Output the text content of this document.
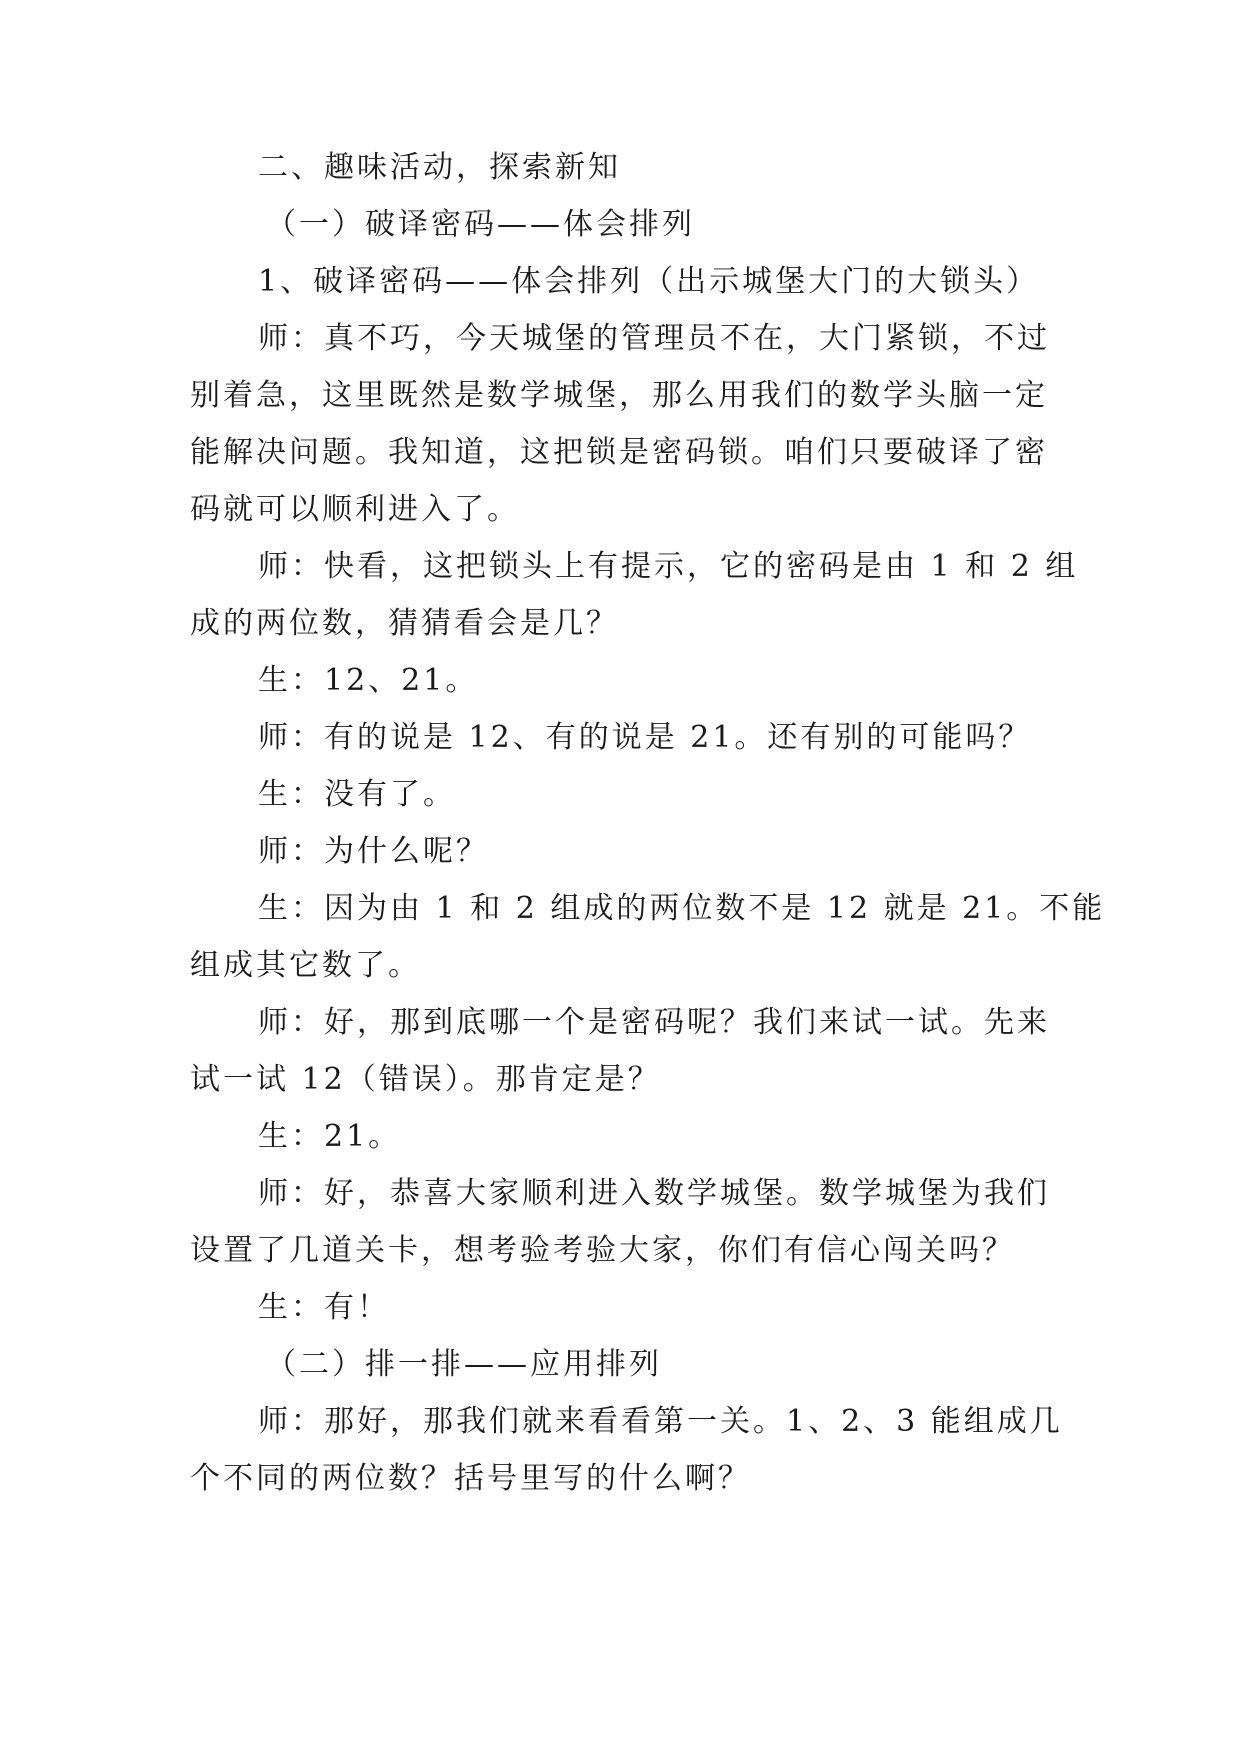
二、趣味活动，探索新知
（一）破译密码——体会排列
1、破译密码——体会排列（出示城堡大门的大锁头）
师：真不巧，今天城堡的管理员不在，大门紧锁，不过
别着急，这里既然是数学城堡，那么用我们的数学头脑一定
能解决问题。我知道，这把锁是密码锁。咱们只要破译了密
码就可以顺利进入了。
师：快看，这把锁头上有提示，它的密码是由 1 和 2 组
成的两位数，猜猜看会是几？
生：12、21。
师：有的说是 12、有的说是 21。还有别的可能吗？
生：没有了。
师：为什么呢？
生：因为由 1 和 2 组成的两位数不是 12 就是 21。不能
组成其它数了。
师：好，那到底哪一个是密码呢？我们来试一试。先来
试一试 12（错误）。那肯定是？
生：21。
师：好，恭喜大家顺利进入数学城堡。数学城堡为我们
设置了几道关卡，想考验考验大家，你们有信心闯关吗？
生：有！
（二）排一排——应用排列
师：那好，那我们就来看看第一关。1、2、3 能组成几
个不同的两位数？括号里写的什么啊？
